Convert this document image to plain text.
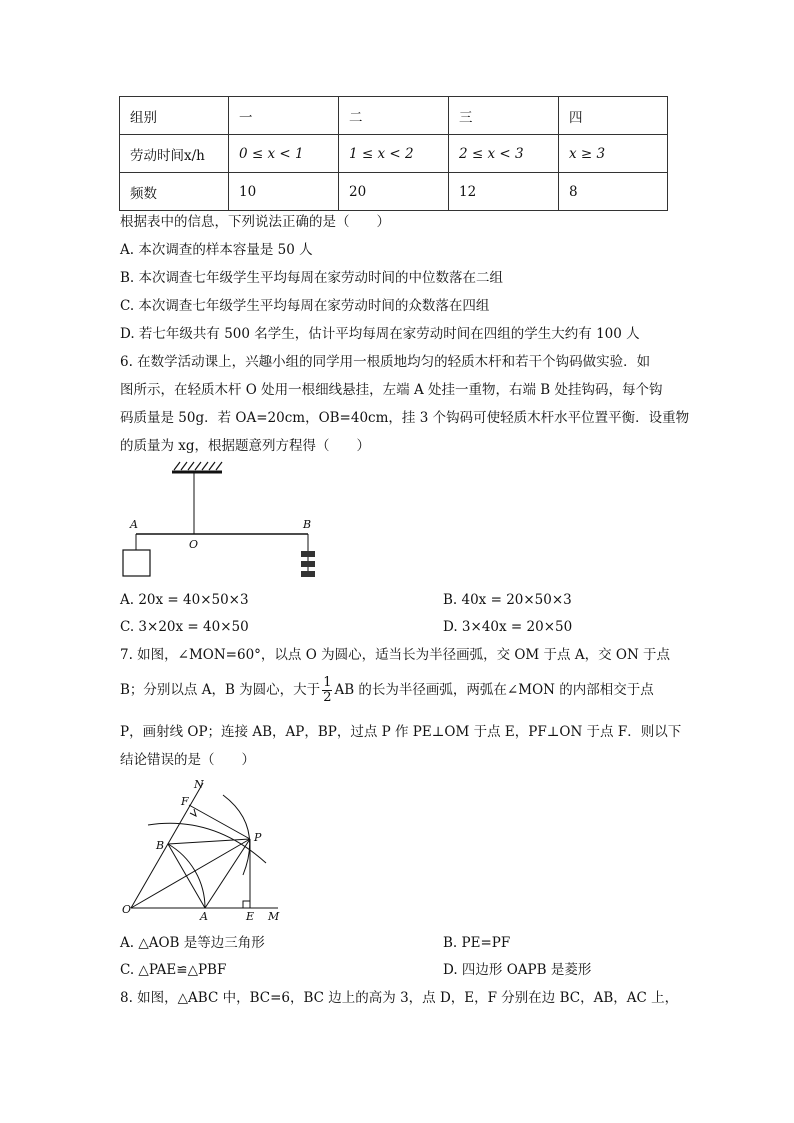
组别	一	二	三	四
劳动时间x/h	0 ≤ x < 1	1 ≤ x < 2	2 ≤ x < 3	x ≥ 3
频数	10	20	12	8
根据表中的信息，下列说法正确的是（　　）
A. 本次调查的样本容量是 50 人
B. 本次调查七年级学生平均每周在家劳动时间的中位数落在二组
C. 本次调查七年级学生平均每周在家劳动时间的众数落在四组
D. 若七年级共有 500 名学生，估计平均每周在家劳动时间在四组的学生大约有 100 人
6. 在数学活动课上，兴趣小组的同学用一根质地均匀的轻质木杆和若干个钩码做实验．如
图所示，在轻质木杆 O 处用一根细线悬挂，左端 A 处挂一重物，右端 B 处挂钩码，每个钩
码质量是 50g．若 OA=20cm，OB=40cm，挂 3 个钩码可使轻质木杆水平位置平衡．设重物
的质量为 xg，根据题意列方程得（　　）
A
O
B
A. 20x = 40×50×3	B. 40x = 20×50×3
C. 3×20x = 40×50	D. 3×40x = 20×50
7. 如图，∠MON=60°，以点 O 为圆心，适当长为半径画弧，交 OM 于点 A，交 ON 于点
B；分别以点 A，B 为圆心，大于 $\frac{1}{2}$ AB 的长为半径画弧，两弧在∠MON 的内部相交于点
P，画射线 OP；连接 AB，AP，BP，过点 P 作 PE⊥OM 于点 E，PF⊥ON 于点 F．则以下
结论错误的是（　　）
N
F
B
P
O
A	E M
A. △AOB 是等边三角形	B. PE=PF
C. △PAE≌△PBF	D. 四边形 OAPB 是菱形
8. 如图，△ABC 中，BC=6，BC 边上的高为 3，点 D，E，F 分别在边 BC，AB，AC 上，
